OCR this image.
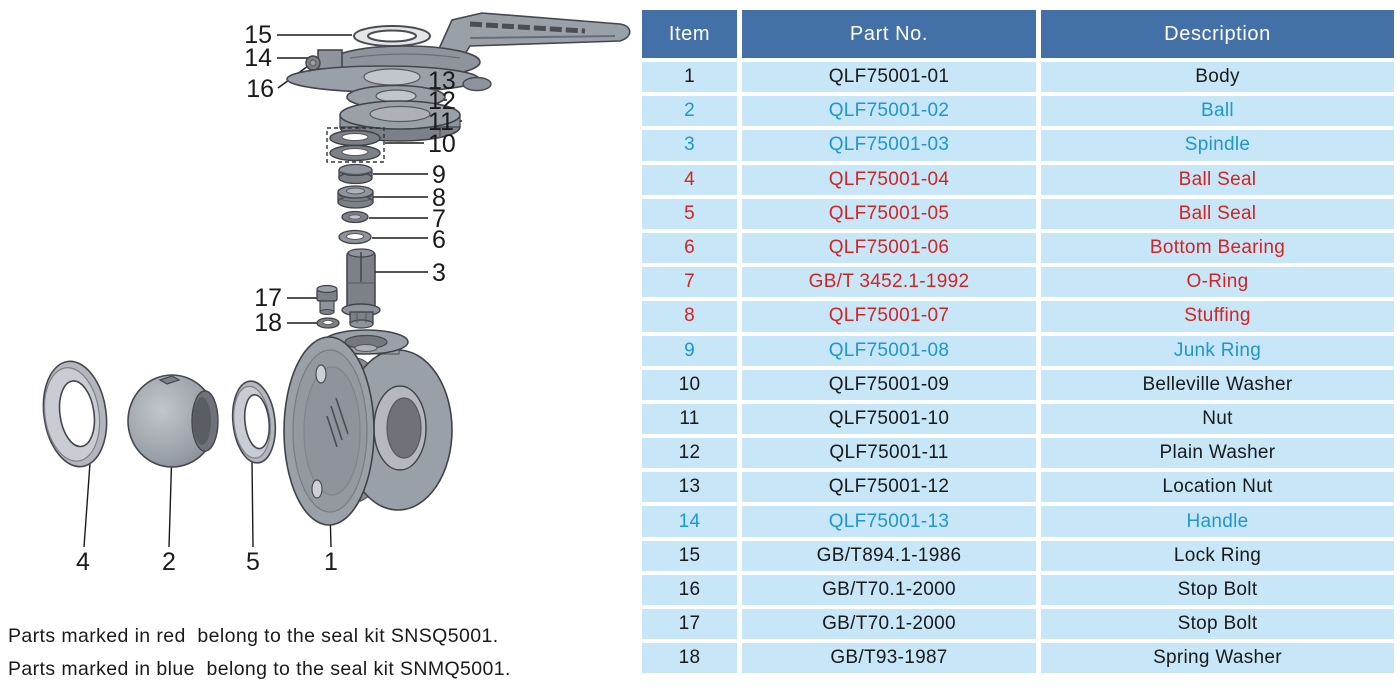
15
14
16	13
12
11
10
9
8
7
6
3
17
18
4	2	5	1
Parts marked in red  belong to the seal kit SNSQ5001.
Parts marked in blue  belong to the seal kit SNMQ5001.
Item	Part No.	Description
1	QLF75001-01	Body
2	QLF75001-02	Ball
3	QLF75001-03	Spindle
4	QLF75001-04	Ball Seal
5	QLF75001-05	Ball Seal
6	QLF75001-06	Bottom Bearing
7	GB/T 3452.1-1992	O-Ring
8	QLF75001-07	Stuffing
9	QLF75001-08	Junk Ring
10	QLF75001-09	Belleville Washer
11	QLF75001-10	Nut
12	QLF75001-11	Plain Washer
13	QLF75001-12	Location Nut
14	QLF75001-13	Handle
15	GB/T894.1-1986	Lock Ring
16	GB/T70.1-2000	Stop Bolt
17	GB/T70.1-2000	Stop Bolt
18	GB/T93-1987	Spring Washer
